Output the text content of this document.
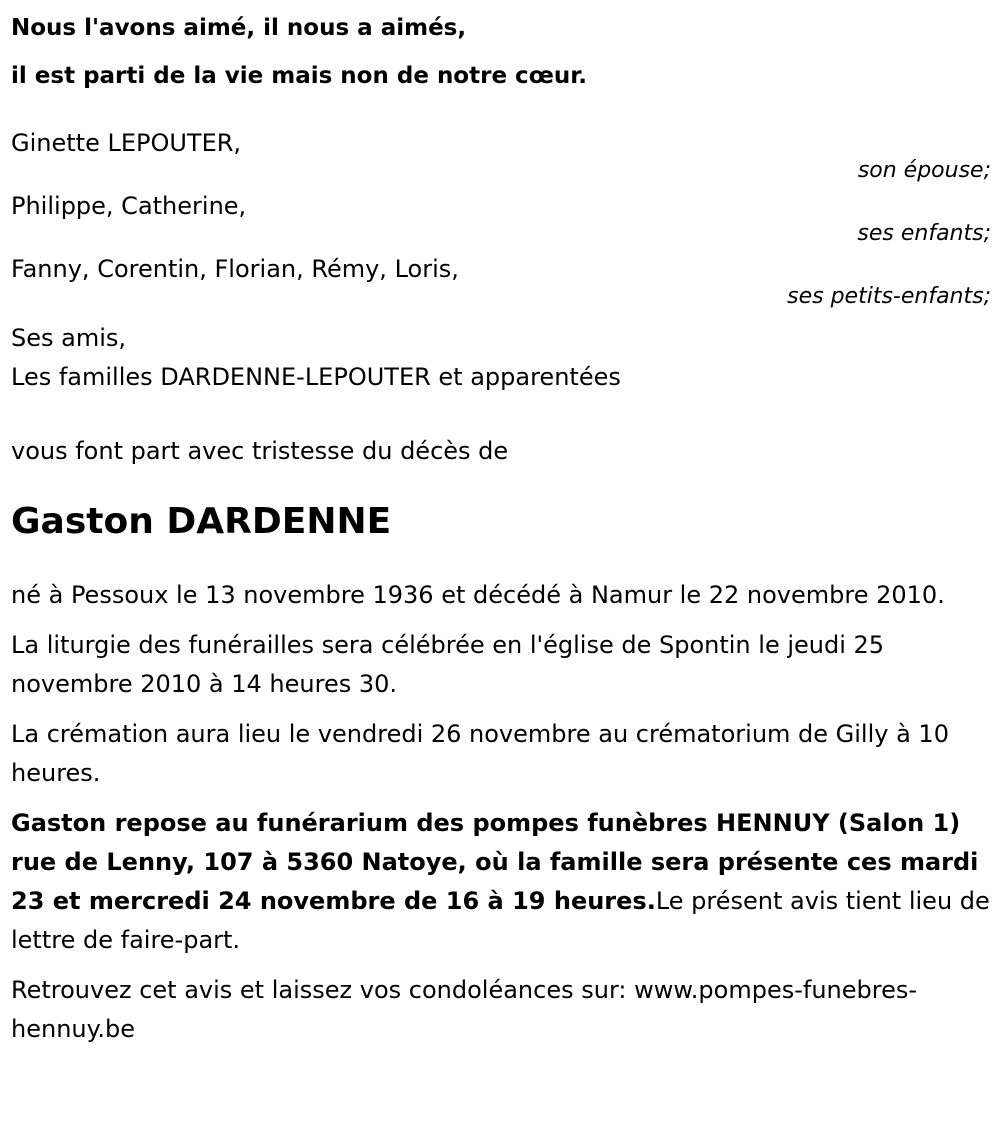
Nous l'avons aimé, il nous a aimés,
il est parti de la vie mais non de notre cœur.
Ginette LEPOUTER,
son épouse;
Philippe, Catherine,
ses enfants;
Fanny, Corentin, Florian, Rémy, Loris,
ses petits-enfants;
Ses amis,
Les familles DARDENNE-LEPOUTER et apparentées
vous font part avec tristesse du décès de
Gaston DARDENNE

né à Pessoux le 13 novembre 1936 et décédé à Namur le 22 novembre 2010.

La liturgie des funérailles sera célébrée en l'église de Spontin le jeudi 25 novembre 2010 à 14 heures 30.

La crémation aura lieu le vendredi 26 novembre au crématorium de Gilly à 10 heures.

Gaston repose au funérarium des pompes funèbres HENNUY (Salon 1) rue de Lenny, 107 à 5360 Natoye, où la famille sera présente ces mardi 23 et mercredi 24 novembre de 16 à 19 heures.Le présent avis tient lieu de lettre de faire-part.

Retrouvez cet avis et laissez vos condoléances sur: www.pompes-funebres-hennuy.be
